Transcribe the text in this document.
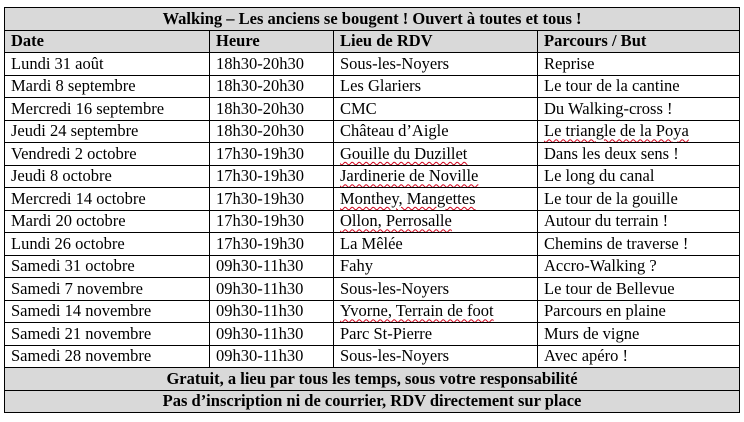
Walking – Les anciens se bougent ! Ouvert à toutes et tous !			
Date	Heure	Lieu de RDV	Parcours / But
Lundi 31 août	18h30-20h30	Sous-les-Noyers	Reprise
Mardi 8 septembre	18h30-20h30	Les Glariers	Le tour de la cantine
Mercredi 16 septembre	18h30-20h30	CMC	Du Walking-cross !
Jeudi 24 septembre	18h30-20h30	Château d’Aigle	Le triangle de la Poya
Vendredi 2 octobre	17h30-19h30	Gouille du Duzillet	Dans les deux sens !
Jeudi 8 octobre	17h30-19h30	Jardinerie de Noville	Le long du canal
Mercredi 14 octobre	17h30-19h30	Monthey, Mangettes	Le tour de la gouille
Mardi 20 octobre	17h30-19h30	Ollon, Perrosalle	Autour du terrain !
Lundi 26 octobre	17h30-19h30	La Mêlée	Chemins de traverse !
Samedi 31 octobre	09h30-11h30	Fahy	Accro-Walking ?
Samedi 7 novembre	09h30-11h30	Sous-les-Noyers	Le tour de Bellevue
Samedi 14 novembre	09h30-11h30	Yvorne, Terrain de foot	Parcours en plaine
Samedi 21 novembre	09h30-11h30	Parc St-Pierre	Murs de vigne
Samedi 28 novembre	09h30-11h30	Sous-les-Noyers	Avec apéro !
Gratuit, a lieu par tous les temps, sous votre responsabilité			
Pas d’inscription ni de courrier, RDV directement sur place			
